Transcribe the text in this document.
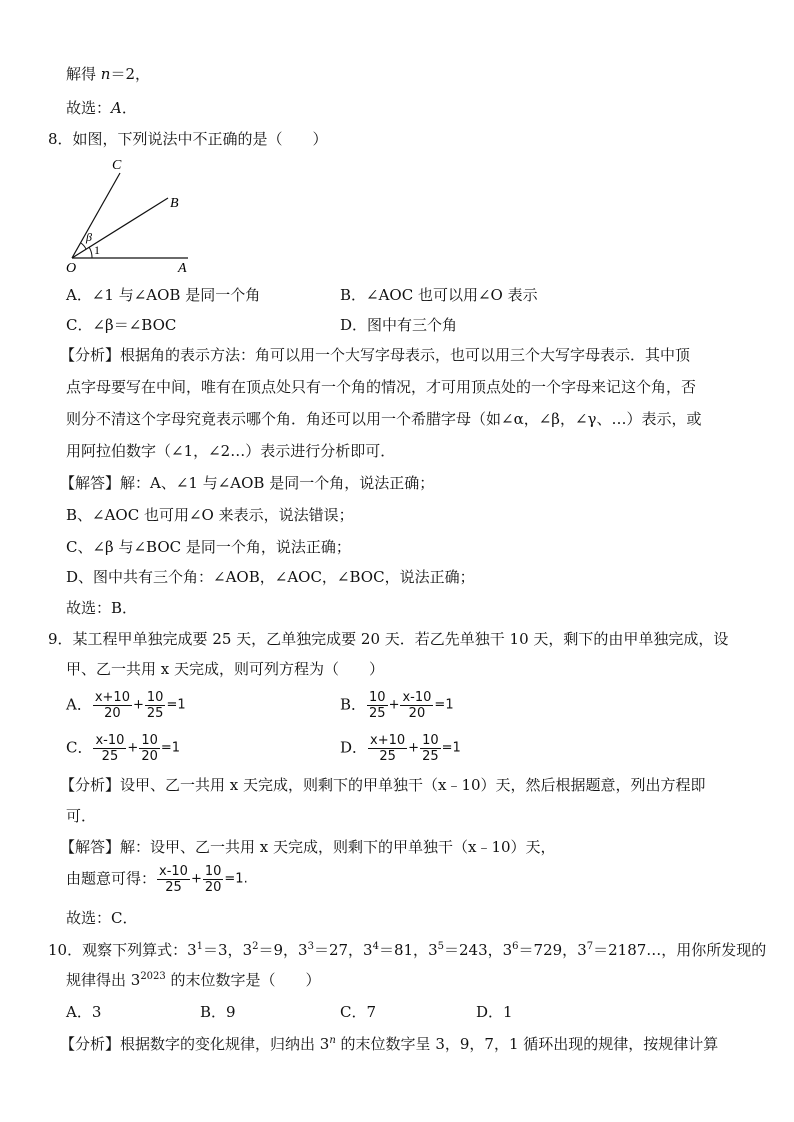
解得 n＝2，
故选：A．
8．如图，下列说法中不正确的是（　　）
C
B
O	A
β
1
A．∠1 与∠AOB 是同一个角	B．∠AOC 也可以用∠O 表示
C．∠β＝∠BOC	D．图中有三个角
【分析】根据角的表示方法：角可以用一个大写字母表示，也可以用三个大写字母表示．其中顶
点字母要写在中间，唯有在顶点处只有一个角的情况，才可用顶点处的一个字母来记这个角，否
则分不清这个字母究竟表示哪个角．角还可以用一个希腊字母（如∠α，∠β，∠γ、…）表示，或
用阿拉伯数字（∠1，∠2…）表示进行分析即可．
【解答】解：A、∠1 与∠AOB 是同一个角，说法正确；
B、∠AOC 也可用∠O 来表示，说法错误；
C、∠β 与∠BOC 是同一个角，说法正确；
D、图中共有三个角：∠AOB，∠AOC，∠BOC，说法正确；
故选：B．
9．某工程甲单独完成要 25 天，乙单独完成要 20 天．若乙先单独干 10 天，剩下的由甲单独完成，设
甲、乙一共用 x 天完成，则可列方程为（　　）
A． $\frac{x+10}{20} + \frac{10}{25} =1$	B． $\frac{10}{25} + \frac{x-10}{20} =1$
C． $\frac{x-10}{25} + \frac{10}{20} =1$	D． $\frac{x+10}{25} + \frac{10}{25} =1$
【分析】设甲、乙一共用 x 天完成，则剩下的甲单独干（x﹣10）天，然后根据题意，列出方程即
可．
【解答】解：设甲、乙一共用 x 天完成，则剩下的甲单独干（x﹣10）天，
由题意可得： $\frac{x-10}{25} + \frac{10}{20} =1$.
故选：C．
10．观察下列算式：$3^1=3$，$3^2=9$，$3^3=27$，$3^4=81$，$3^5=243$，$3^6=729$，$3^7=2187\dots$，用你所发现的
规律得出 $3^{2023}$ 的末位数字是（　　）
A．3	B．9	C．7	D．1
【分析】根据数字的变化规律，归纳出 3$^n$ 的末位数字呈 3，9，7，1 循环出现的规律，按规律计算
